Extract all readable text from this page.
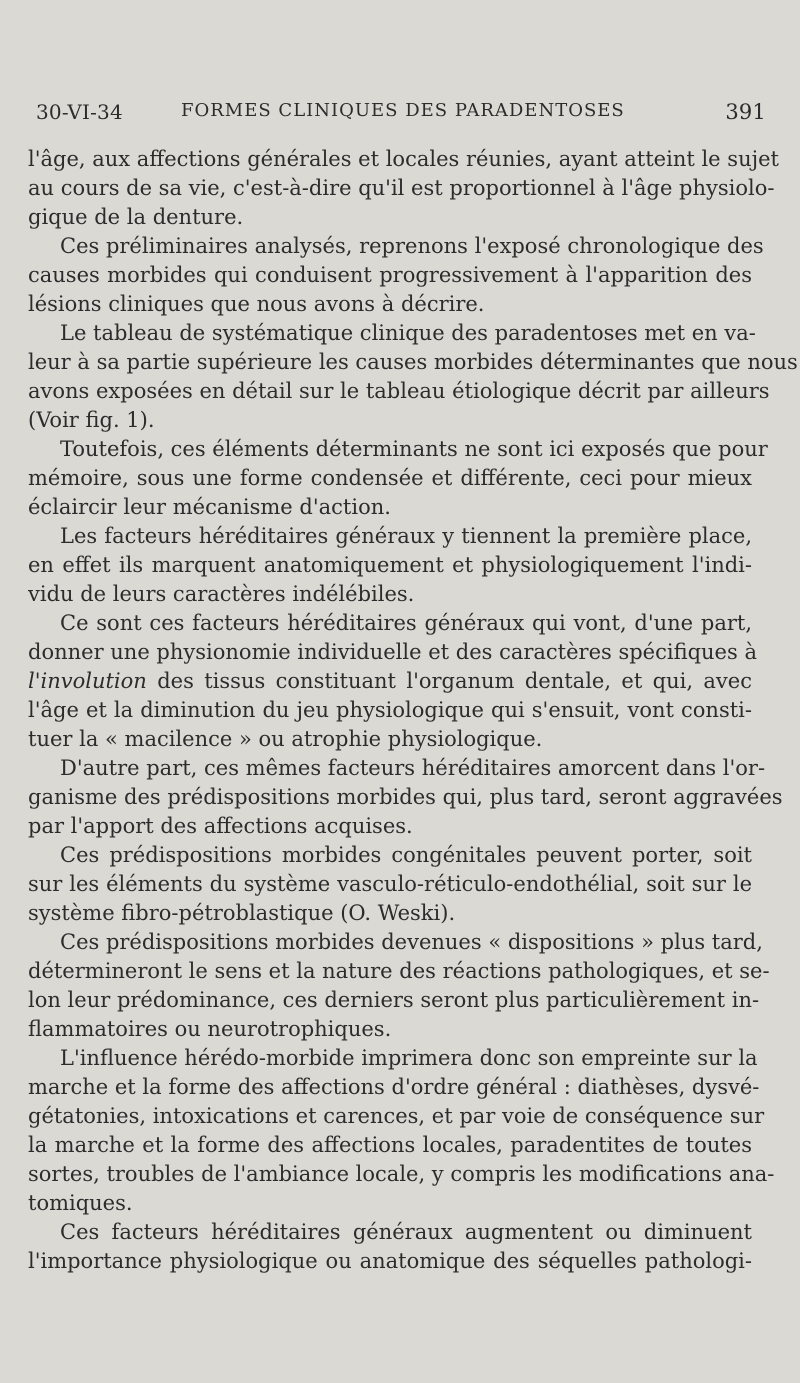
30-VI-34	FORMES CLINIQUES DES PARADENTOSES	391

l'âge, aux affections générales et locales réunies, ayant atteint le sujet
au cours de sa vie, c'est-à-dire qu'il est proportionnel à l'âge physiolo-
gique de la denture.

Ces préliminaires analysés, reprenons l'exposé chronologique des
causes morbides qui conduisent progressivement à l'apparition des
lésions cliniques que nous avons à décrire.

Le tableau de systématique clinique des paradentoses met en va-
leur à sa partie supérieure les causes morbides déterminantes que nous
avons exposées en détail sur le tableau étiologique décrit par ailleurs
(Voir fig. 1).

Toutefois, ces éléments déterminants ne sont ici exposés que pour
mémoire, sous une forme condensée et différente, ceci pour mieux
éclaircir leur mécanisme d'action.

Les facteurs héréditaires généraux y tiennent la première place,
en effet ils marquent anatomiquement et physiologiquement l'indi-
vidu de leurs caractères indélébiles.

Ce sont ces facteurs héréditaires généraux qui vont, d'une part,
donner une physionomie individuelle et des caractères spécifiques à
l'involution des tissus constituant l'organum dentale, et qui, avec
l'âge et la diminution du jeu physiologique qui s'ensuit, vont consti-
tuer la « macilence » ou atrophie physiologique.

D'autre part, ces mêmes facteurs héréditaires amorcent dans l'or-
ganisme des prédispositions morbides qui, plus tard, seront aggravées
par l'apport des affections acquises.

Ces prédispositions morbides congénitales peuvent porter, soit
sur les éléments du système vasculo-réticulo-endothélial, soit sur le
système fibro-pétroblastique (O. Weski).

Ces prédispositions morbides devenues « dispositions » plus tard,
détermineront le sens et la nature des réactions pathologiques, et se-
lon leur prédominance, ces derniers seront plus particulièrement in-
flammatoires ou neurotrophiques.

L'influence hérédo-morbide imprimera donc son empreinte sur la
marche et la forme des affections d'ordre général : diathèses, dysvé-
gétatonies, intoxications et carences, et par voie de conséquence sur
la marche et la forme des affections locales, paradentites de toutes
sortes, troubles de l'ambiance locale, y compris les modifications ana-
tomiques.

Ces facteurs héréditaires généraux augmentent ou diminuent
l'importance physiologique ou anatomique des séquelles pathologi-
